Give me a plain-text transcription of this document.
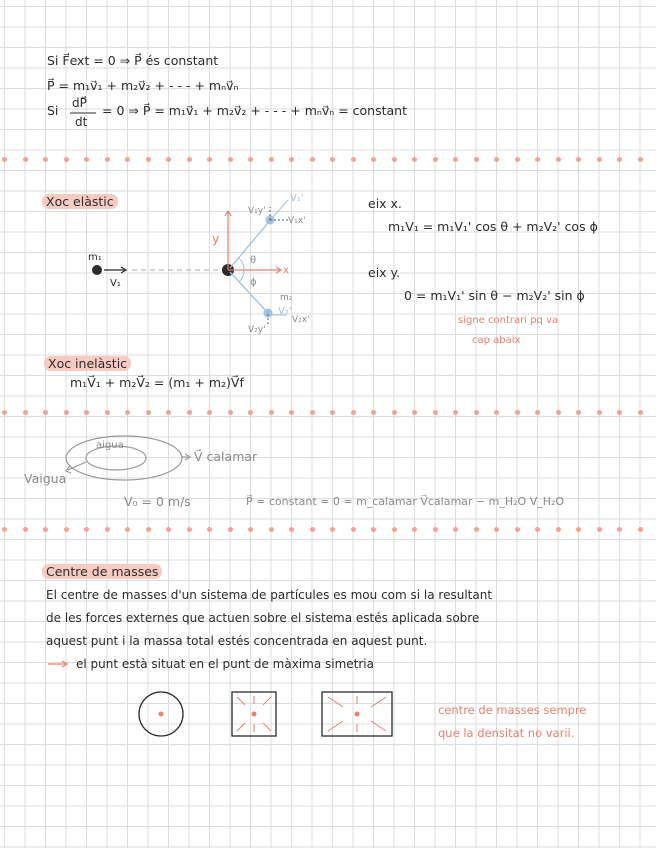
Si F⃗ext = 0 ⇒ P⃗ és constant
P⃗ = m₁v⃗₁ + m₂v⃗₂ + - - - + mₙv⃗ₙ
Si dP⃗
dt
= 0 ⇒ P⃗ = m₁v⃗₁ + m₂v⃗₂ + - - - + mₙv⃗ₙ = constant
Xoc elàstic
m₁
V₁
y
x
θ
ϕ
V₁'
V₁y'
V₁x'
m₂
V₂'
V₂y'
V₂x'
eix x.
m₁V₁ = m₁V₁' cos θ + m₂V₂' cos ϕ
eix y.
0 = m₁V₁' sin θ − m₂V₂' sin ϕ
signe contrari pq va
cap abaix
Xoc inelàstic
m₁V⃗₁ + m₂V⃗₂ = (m₁ + m₂)V⃗f
aigua
Vaigua
V⃗ calamar
V₀ = 0 m/s	P⃗ = constant = 0 = m_calamar V⃗calamar − m_H₂O V_H₂O
Centre de masses
El centre de masses d'un sistema de partícules es mou com si la resultant
de les forces externes que actuen sobre el sistema estés aplicada sobre
aquest punt i la massa total estés concentrada en aquest punt.
el punt està situat en el punt de màxima simetria
centre de masses sempre
que la densitat no varii.
